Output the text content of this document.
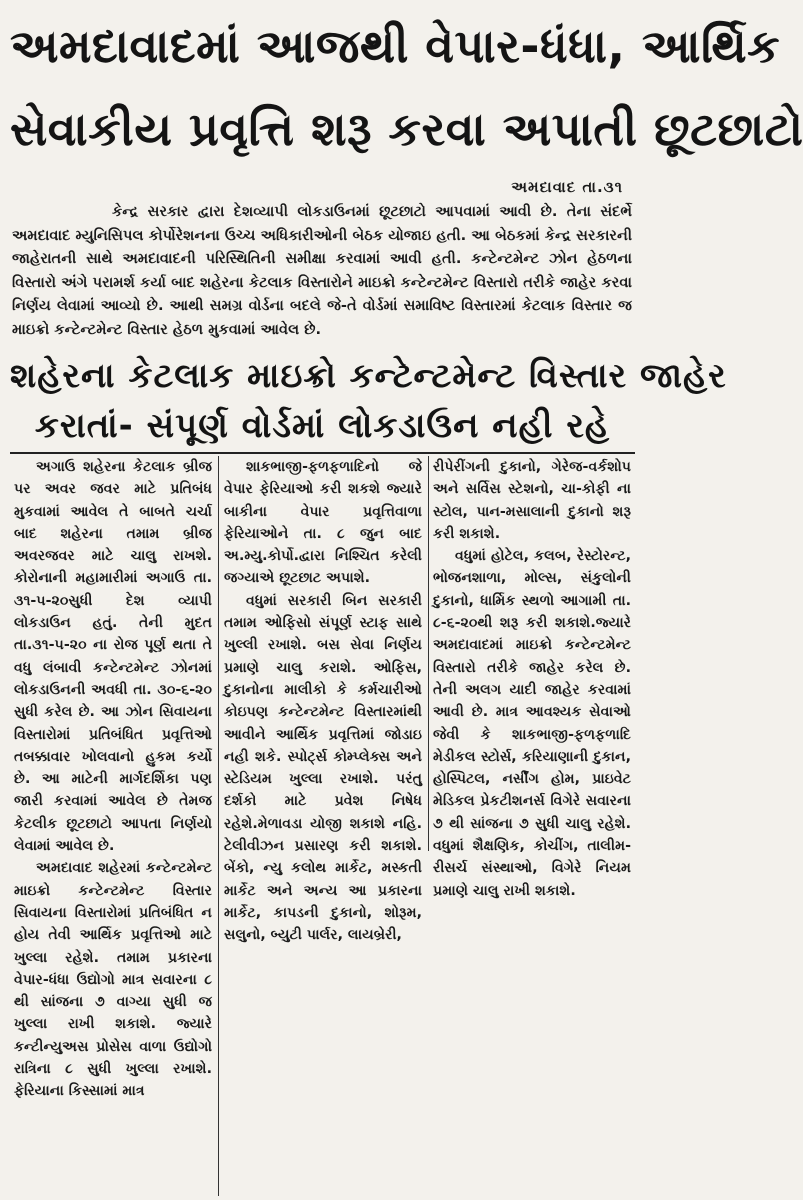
અમદાવાદમાં આજથી વેપાર-ધંધા, આર્થિક
સેવાકીય પ્રવૃત્તિ શરૂ કરવા અપાતી છૂટછાટો
અમદાવાદ તા.૩૧
કેન્દ્ર સરકાર દ્વારા દેશવ્યાપી લોકડાઉનમાં છૂટછાટો આપવામાં આવી છે. તેના સંદર્ભે અમદાવાદ મ્યુનિસિપલ કોર્પોરેશનના ઉચ્ચ અધિકારીઓની બેઠક યોજાઇ હતી. આ બેઠકમાં કેન્દ્ર સરકારની જાહેરાતની સાથે અમદાવાદની પરિસ્થિતિની સમીક્ષા કરવામાં આવી હતી. કન્ટેન્ટમેન્ટ ઝોન હેઠળના વિસ્તારો અંગે પરામર્શ કર્યા બાદ શહેરના કેટલાક વિસ્તારોને માઇક્રો કન્ટેન્ટમેન્ટ વિસ્તારો તરીકે જાહેર કરવા નિર્ણય લેવામાં આવ્યો છે. આથી સમગ્ર વોર્ડના બદલે જે-તે વોર્ડમાં સમાવિષ્ટ વિસ્તારમાં કેટલાક વિસ્તાર જ માઇક્રો કન્ટેન્ટમેન્ટ વિસ્તાર હેઠળ મુકવામાં આવેલ છે.
શહેરના કેટલાક માઇક્રો કન્ટેન્ટમેન્ટ વિસ્તાર જાહેર
કરાતાં- સંપૂર્ણ વોર્ડમાં લોકડાઉન નહી રહે

અગાઉ શહેરના કેટલાક બ્રીજ પર અવર જવર માટે પ્રતિબંધ મુકવામાં આવેલ તે બાબતે ચર્ચા બાદ શહેરના તમામ બ્રીજ અવરજવર માટે ચાલુ રાખશે. કોરોનાની મહામારીમાં અગાઉ તા. ૩૧-૫-૨૦સુધી દેશ વ્યાપી લોકડાઉન હતું. તેની મુદત તા.૩૧-૫-૨૦ ના રોજ પૂર્ણ થતા તે વધુ લંબાવી કન્ટેન્ટમેન્ટ ઝોનમાં લોકડાઉનની અવધી તા. ૩૦-૬-૨૦ સુધી કરેલ છે. આ ઝોન સિવાયના વિસ્તારોમાં પ્રતિબંધિત પ્રવૃત્તિઓ તબક્કાવાર ખોલવાનો હુકમ કર્યો છે. આ માટેની માર્ગદર્શિકા પણ જારી કરવામાં આવેલ છે તેમજ કેટલીક છૂટછાટો આપતા નિર્ણયો લેવામાં આવેલ છે.

અમદાવાદ શહેરમાં કન્ટેન્ટમેન્ટ માઇક્રો કન્ટેન્ટમેન્ટ વિસ્તાર સિવાયના વિસ્તારોમાં પ્રતિબંધિત ન હોય તેવી આર્થિક પ્રવૃત્તિઓ માટે ખુલ્લા રહેશે. તમામ પ્રકારના વેપાર-ધંધા ઉદ્યોગો માત્ર સવારના ૮ થી સાંજના ૭ વાગ્યા સુધી જ ખુલ્લા રાખી શકાશે. જ્યારે કન્ટીન્યુઅસ પ્રોસેસ વાળા ઉદ્યોગો રાત્રિના ૮ સુધી ખુલ્લા રખાશે. ફેરિયાના કિસ્સામાં માત્ર

શાકભાજી-ફળફળાદિનો જે વેપાર ફેરિયાઓ કરી શકશે જ્યારે બાકીના વેપાર પ્રવૃત્તિવાળા ફેરિયાઓને તા. ૮ જુન બાદ અ.મ્યુ.કોર્પો.દ્વારા નિશ્ચિત કરેલી જગ્યાએ છૂટછાટ અપાશે.

વધુમાં સરકારી બિન સરકારી તમામ ઓફિસો સંપૂર્ણ સ્ટાફ સાથે ખુલ્લી રખાશે. બસ સેવા નિર્ણય પ્રમાણે ચાલુ કરાશે. ઓફિસ, દુકાનોના માલીકો કે કર્મચારીઓ કોઇપણ કન્ટેન્ટમેન્ટ વિસ્તારમાંથી આવીને આર્થિક પ્રવૃત્તિમાં જોડાઇ નહી શકે. સ્પોર્ટ્સ કોમ્પ્લેક્સ અને સ્ટેડિયમ ખુલ્લા રખાશે. પરંતુ દર્શકો માટે પ્રવેશ નિષેધ રહેશે.મેળાવડા યોજી શકાશે નહિ. ટેલીવીઝન પ્રસારણ કરી શકાશે. બેંકો, ન્યુ કલોથ માર્કેટ, મસ્કતી માર્કેટ અને અન્ય આ પ્રકારના માર્કેટ, કાપડની દુકાનો, શોરૂમ, સલુનો, બ્યુટી પાર્લર, લાયબ્રેરી,

રીપેરીંગની દુકાનો, ગેરેજ-વર્કશોપ અને સર્વિસ સ્ટેશનો, ચા-કોફી ના સ્ટોલ, પાન-મસાલાની દુકાનો શરૂ કરી શકાશે.

વધુમાં હોટેલ, કલબ, રેસ્ટોરન્ટ, ભોજનશાળા, મોલ્સ, સંકુલોની દુકાનો, ધાર્મિક સ્થળો આગામી તા. ૮-૬-૨૦થી શરૂ કરી શકાશે.જ્યારે અમદાવાદમાં માઇક્રો કન્ટેન્ટમેન્ટ વિસ્તારો તરીકે જાહેર કરેલ છે. તેની અલગ યાદી જાહેર કરવામાં આવી છે. માત્ર આવશ્યક સેવાઓ જેવી કે શાકભાજી-ફળફળાદિ મેડીકલ સ્ટોર્સ, કરિયાણાની દુકાન, હોસ્પિટલ, નર્સીંગ હોમ, પ્રાઇવેટ મેડિકલ પ્રેકટીશનર્સ વિગેરે સવારના ૭ થી સાંજના ૭ સુધી ચાલુ રહેશે. વધુમાં શૈક્ષણિક, કોચીંગ, તાલીમ-રીસર્ચ સંસ્થાઓ, વિગેરે નિયમ પ્રમાણે ચાલુ રાખી શકાશે.
